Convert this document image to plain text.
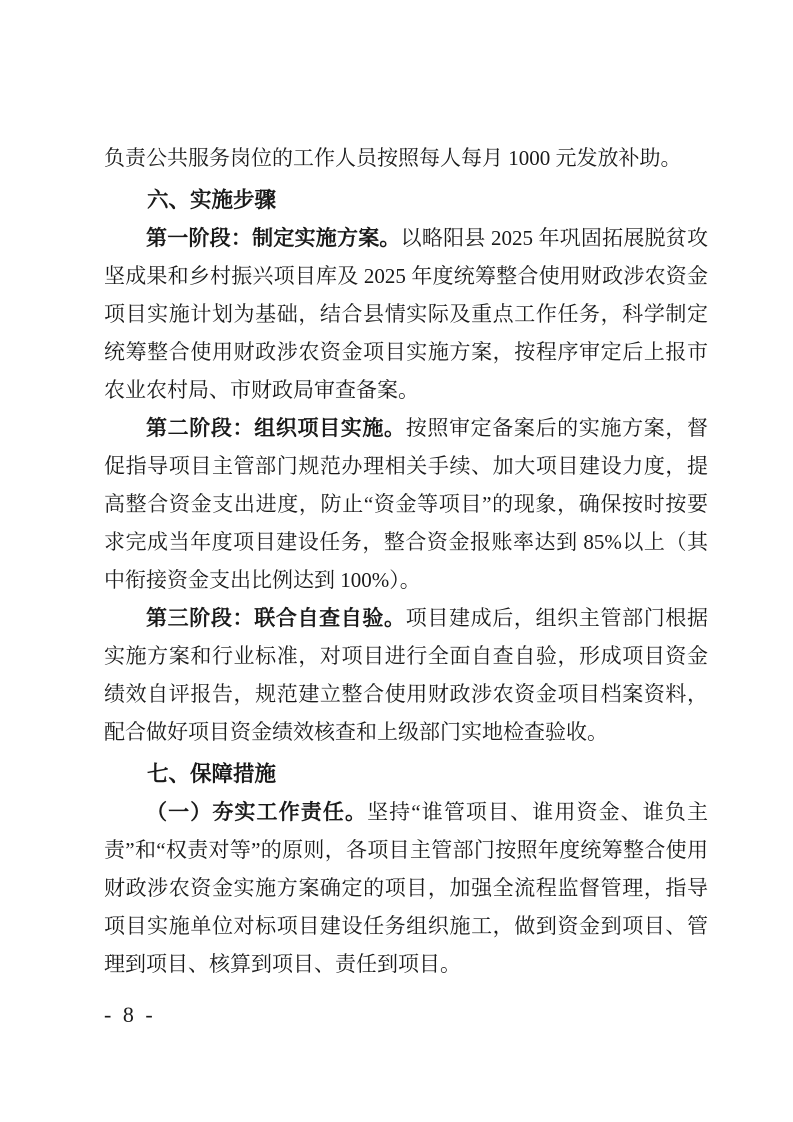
负责公共服务岗位的工作人员按照每人每月 1000 元发放补助。

六、实施步骤

第一阶段：制定实施方案。以略阳县 2025 年巩固拓展脱贫攻坚成果和乡村振兴项目库及 2025 年度统筹整合使用财政涉农资金项目实施计划为基础，结合县情实际及重点工作任务，科学制定统筹整合使用财政涉农资金项目实施方案，按程序审定后上报市农业农村局、市财政局审查备案。

第二阶段：组织项目实施。按照审定备案后的实施方案，督促指导项目主管部门规范办理相关手续、加大项目建设力度，提高整合资金支出进度，防止“资金等项目”的现象，确保按时按要求完成当年度项目建设任务，整合资金报账率达到 85%以上（其中衔接资金支出比例达到 100%）。

第三阶段：联合自查自验。项目建成后，组织主管部门根据实施方案和行业标准，对项目进行全面自查自验，形成项目资金绩效自评报告，规范建立整合使用财政涉农资金项目档案资料，配合做好项目资金绩效核查和上级部门实地检查验收。

七、保障措施

（一）夯实工作责任。坚持“谁管项目、谁用资金、谁负主责”和“权责对等”的原则，各项目主管部门按照年度统筹整合使用财政涉农资金实施方案确定的项目，加强全流程监督管理，指导项目实施单位对标项目建设任务组织施工，做到资金到项目、管理到项目、核算到项目、责任到项目。

- 8 -
